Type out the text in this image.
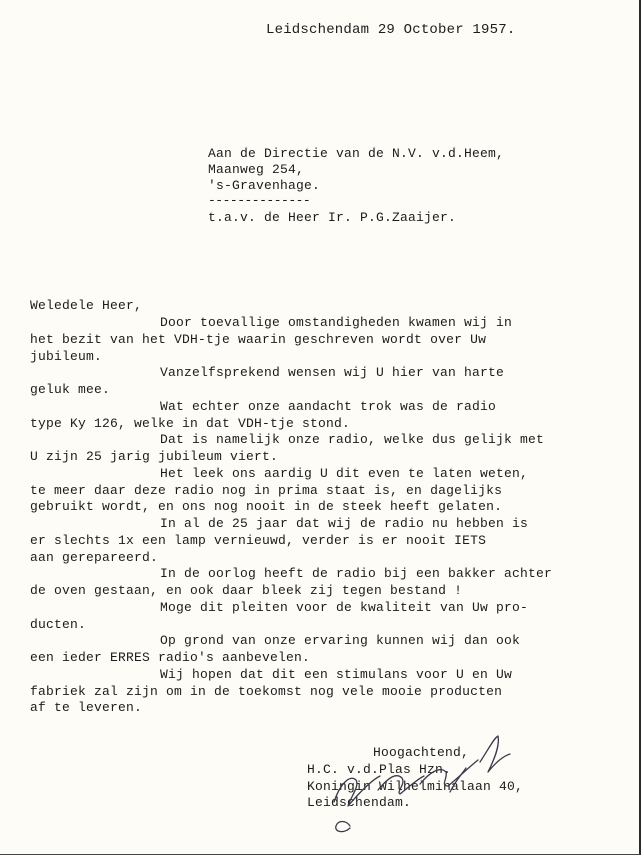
Leidschendam 29 October 1957.
Aan de Directie van de N.V. v.d.Heem,
Maanweg 254,
's-Gravenhage.
--------------
t.a.v. de Heer Ir. P.G.Zaaijer.
Weledele Heer,
Door toevallige omstandigheden kwamen wij in
het bezit van het VDH-tje waarin geschreven wordt over Uw
jubileum.
Vanzelfsprekend wensen wij U hier van harte
geluk mee.
Wat echter onze aandacht trok was de radio
type Ky 126, welke in dat VDH-tje stond.
Dat is namelijk onze radio, welke dus gelijk met
U zijn 25 jarig jubileum viert.
Het leek ons aardig U dit even te laten weten,
te meer daar deze radio nog in prima staat is, en dagelijks
gebruikt wordt, en ons nog nooit in de steek heeft gelaten.
In al de 25 jaar dat wij de radio nu hebben is
er slechts 1x een lamp vernieuwd, verder is er nooit IETS
aan gerepareerd.
In de oorlog heeft de radio bij een bakker achter
de oven gestaan, en ook daar bleek zij tegen bestand !
Moge dit pleiten voor de kwaliteit van Uw pro-
ducten.
Op grond van onze ervaring kunnen wij dan ook
een ieder ERRES radio's aanbevelen.
Wij hopen dat dit een stimulans voor U en Uw
fabriek zal zijn om in de toekomst nog vele mooie producten
af te leveren.
Hoogachtend,
H.C. v.d.Plas Hzn.
Koningin Wilhelminalaan 40,
Leidschendam.
